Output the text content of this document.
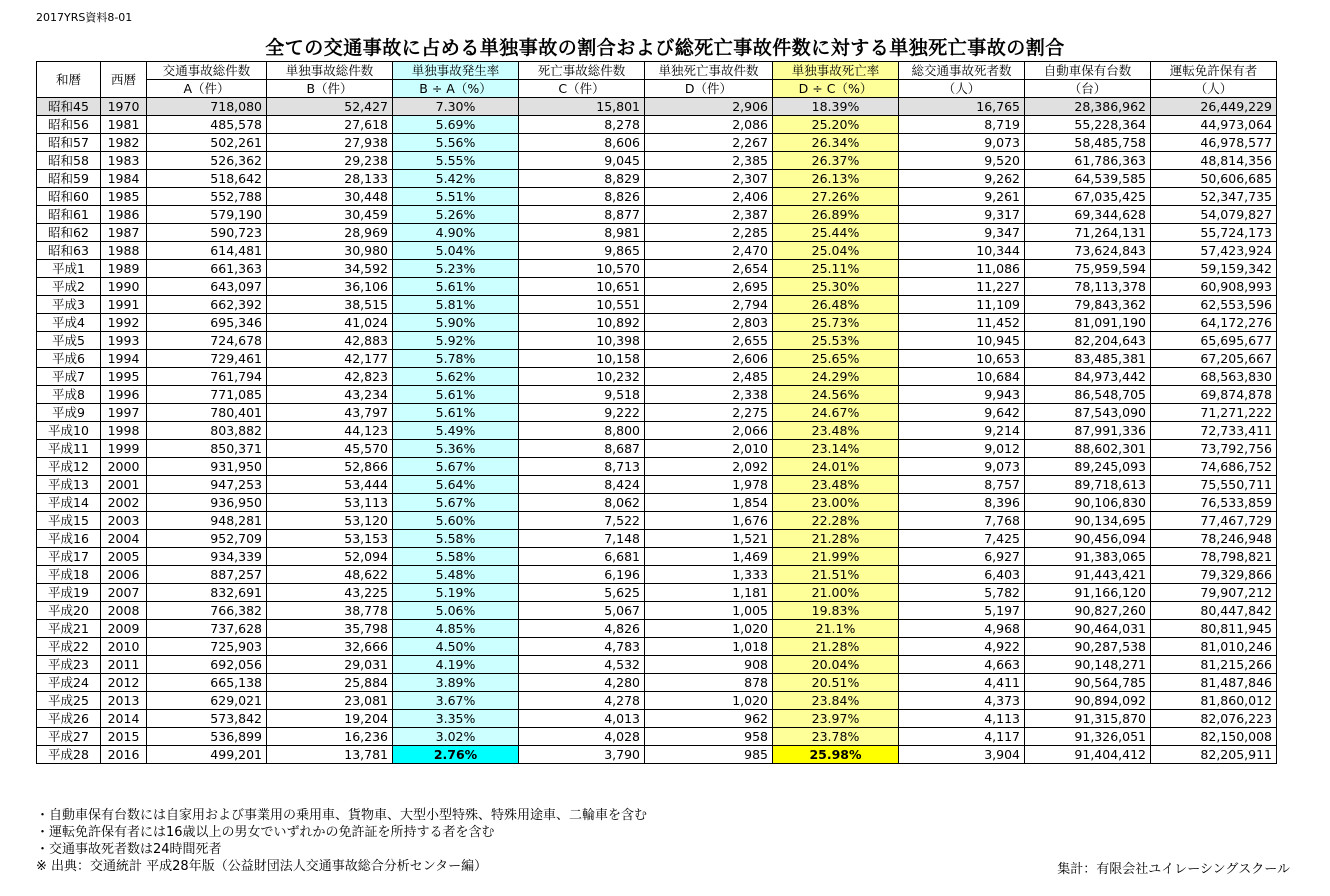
2017YRS資料8-01
全ての交通事故に占める単独事故の割合および総死亡事故件数に対する単独死亡事故の割合
和暦	西暦	交通事故総件数	単独事故総件数	単独事故発生率	死亡事故総件数	単独死亡事故件数	単独事故死亡率	総交通事故死者数	自動車保有台数	運転免許保有者
		A（件）	B（件）	B ÷ A（%）	C（件）	D（件）	D ÷ C（%）	（人）	（台）	（人）
昭和45	1970	718,080	52,427	7.30%	15,801	2,906	18.39%	16,765	28,386,962	26,449,229
昭和56	1981	485,578	27,618	5.69%	8,278	2,086	25.20%	8,719	55,228,364	44,973,064
昭和57	1982	502,261	27,938	5.56%	8,606	2,267	26.34%	9,073	58,485,758	46,978,577
昭和58	1983	526,362	29,238	5.55%	9,045	2,385	26.37%	9,520	61,786,363	48,814,356
昭和59	1984	518,642	28,133	5.42%	8,829	2,307	26.13%	9,262	64,539,585	50,606,685
昭和60	1985	552,788	30,448	5.51%	8,826	2,406	27.26%	9,261	67,035,425	52,347,735
昭和61	1986	579,190	30,459	5.26%	8,877	2,387	26.89%	9,317	69,344,628	54,079,827
昭和62	1987	590,723	28,969	4.90%	8,981	2,285	25.44%	9,347	71,264,131	55,724,173
昭和63	1988	614,481	30,980	5.04%	9,865	2,470	25.04%	10,344	73,624,843	57,423,924
平成1	1989	661,363	34,592	5.23%	10,570	2,654	25.11%	11,086	75,959,594	59,159,342
平成2	1990	643,097	36,106	5.61%	10,651	2,695	25.30%	11,227	78,113,378	60,908,993
平成3	1991	662,392	38,515	5.81%	10,551	2,794	26.48%	11,109	79,843,362	62,553,596
平成4	1992	695,346	41,024	5.90%	10,892	2,803	25.73%	11,452	81,091,190	64,172,276
平成5	1993	724,678	42,883	5.92%	10,398	2,655	25.53%	10,945	82,204,643	65,695,677
平成6	1994	729,461	42,177	5.78%	10,158	2,606	25.65%	10,653	83,485,381	67,205,667
平成7	1995	761,794	42,823	5.62%	10,232	2,485	24.29%	10,684	84,973,442	68,563,830
平成8	1996	771,085	43,234	5.61%	9,518	2,338	24.56%	9,943	86,548,705	69,874,878
平成9	1997	780,401	43,797	5.61%	9,222	2,275	24.67%	9,642	87,543,090	71,271,222
平成10	1998	803,882	44,123	5.49%	8,800	2,066	23.48%	9,214	87,991,336	72,733,411
平成11	1999	850,371	45,570	5.36%	8,687	2,010	23.14%	9,012	88,602,301	73,792,756
平成12	2000	931,950	52,866	5.67%	8,713	2,092	24.01%	9,073	89,245,093	74,686,752
平成13	2001	947,253	53,444	5.64%	8,424	1,978	23.48%	8,757	89,718,613	75,550,711
平成14	2002	936,950	53,113	5.67%	8,062	1,854	23.00%	8,396	90,106,830	76,533,859
平成15	2003	948,281	53,120	5.60%	7,522	1,676	22.28%	7,768	90,134,695	77,467,729
平成16	2004	952,709	53,153	5.58%	7,148	1,521	21.28%	7,425	90,456,094	78,246,948
平成17	2005	934,339	52,094	5.58%	6,681	1,469	21.99%	6,927	91,383,065	78,798,821
平成18	2006	887,257	48,622	5.48%	6,196	1,333	21.51%	6,403	91,443,421	79,329,866
平成19	2007	832,691	43,225	5.19%	5,625	1,181	21.00%	5,782	91,166,120	79,907,212
平成20	2008	766,382	38,778	5.06%	5,067	1,005	19.83%	5,197	90,827,260	80,447,842
平成21	2009	737,628	35,798	4.85%	4,826	1,020	21.1%	4,968	90,464,031	80,811,945
平成22	2010	725,903	32,666	4.50%	4,783	1,018	21.28%	4,922	90,287,538	81,010,246
平成23	2011	692,056	29,031	4.19%	4,532	908	20.04%	4,663	90,148,271	81,215,266
平成24	2012	665,138	25,884	3.89%	4,280	878	20.51%	4,411	90,564,785	81,487,846
平成25	2013	629,021	23,081	3.67%	4,278	1,020	23.84%	4,373	90,894,092	81,860,012
平成26	2014	573,842	19,204	3.35%	4,013	962	23.97%	4,113	91,315,870	82,076,223
平成27	2015	536,899	16,236	3.02%	4,028	958	23.78%	4,117	91,326,051	82,150,008
平成28	2016	499,201	13,781	2.76%	3,790	985	25.98%	3,904	91,404,412	82,205,911
・自動車保有台数には自家用および事業用の乗用車、貨物車、大型小型特殊、特殊用途車、二輪車を含む
・運転免許保有者には16歳以上の男女でいずれかの免許証を所持する者を含む
・交通事故死者数は24時間死者
※ 出典：交通統計 平成28年版（公益財団法人交通事故総合分析センター編）	集計：有限会社ユイレーシングスクール
